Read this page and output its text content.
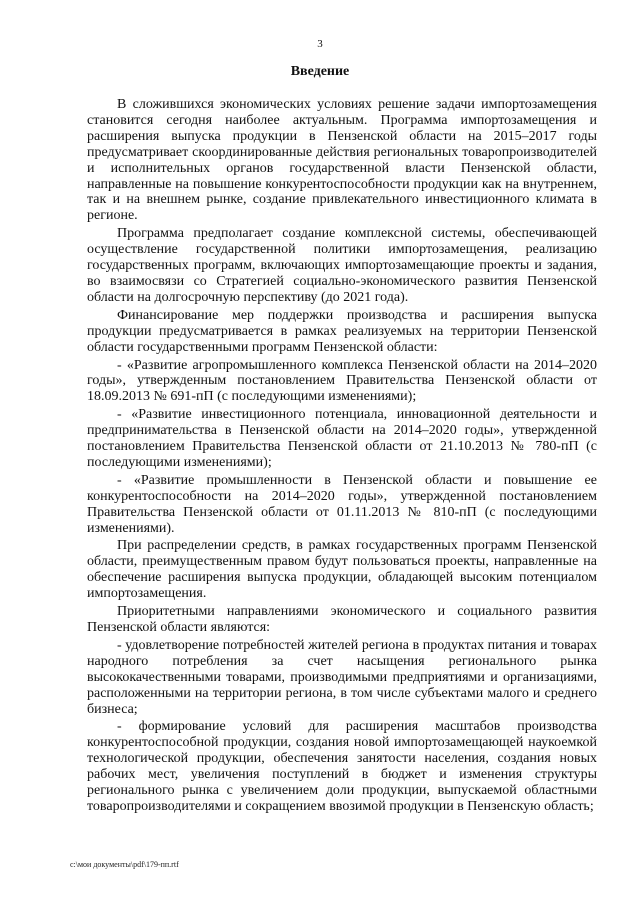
3
Введение

В сложившихся экономических условиях решение задачи импортозамещения становится сегодня наиболее актуальным. Программа импортозамещения и расширения выпуска продукции в Пензенской области на 2015–2017 годы предусматривает скоординированные действия региональных товаропроизводителей и исполнительных органов государственной власти Пензенской области, направленные на повышение конкурентоспособности продукции как на внутреннем, так и на внешнем рынке, создание привлекательного инвестиционного климата в регионе.

Программа предполагает создание комплексной системы, обеспечивающей осуществление государственной политики импортозамещения, реализацию государственных программ, включающих импортозамещающие проекты и задания, во взаимосвязи со Стратегией социально-экономического развития Пензенской области на долгосрочную перспективу (до 2021 года).

Финансирование мер поддержки производства и расширения выпуска продукции предусматривается в рамках реализуемых на территории Пензенской области государственными программ Пензенской области:

- «Развитие агропромышленного комплекса Пензенской области на 2014–2020 годы», утвержденным постановлением Правительства Пензенской области от 18.09.2013 № 691-пП (с последующими изменениями);

- «Развитие инвестиционного потенциала, инновационной деятельности и предпринимательства в Пензенской области на 2014–2020 годы», утвержденной постановлением Правительства Пензенской области от 21.10.2013 № 780-пП (с последующими изменениями);

- «Развитие промышленности в Пензенской области и повышение ее конкурентоспособности на 2014–2020 годы», утвержденной постановлением Правительства Пензенской области от 01.11.2013 № 810-пП (с последующими изменениями).

При распределении средств, в рамках государственных программ Пензенской области, преимущественным правом будут пользоваться проекты, направленные на обеспечение расширения выпуска продукции, обладающей высоким потенциалом импортозамещения.

Приоритетными направлениями экономического и социального развития Пензенской области являются:

- удовлетворение потребностей жителей региона в продуктах питания и товарах народного потребления за счет насыщения регионального рынка высококачественными товарами, производимыми предприятиями и организациями, расположенными на территории региона, в том числе субъектами малого и среднего бизнеса;

- формирование условий для расширения масштабов производства конкурентоспособной продукции, создания новой импортозамещающей наукоемкой технологической продукции, обеспечения занятости населения, создания новых рабочих мест, увеличения поступлений в бюджет и изменения структуры регионального рынка с увеличением доли продукции, выпускаемой областными товаропроизводителями и сокращением ввозимой продукции в Пензенскую область;

c:\мои документы\pdf\179-пп.rtf
